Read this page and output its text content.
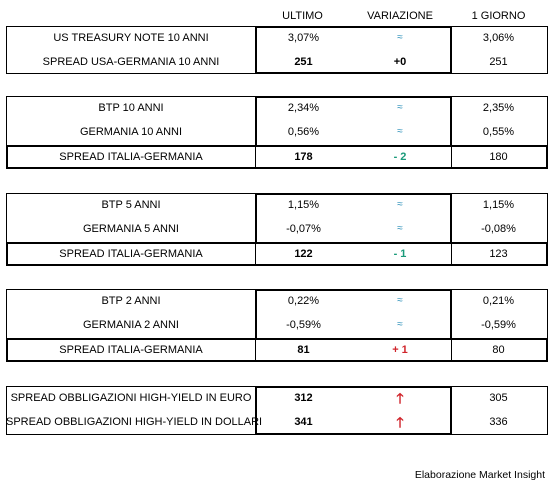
ULTIMO	VARIAZIONE	1 GIORNO
US TREASURY NOTE 10 ANNI	3,07%	≈	3,06%
SPREAD USA-GERMANIA 10 ANNI	251	+0	251
BTP 10 ANNI	2,34%	≈	2,35%
GERMANIA 10 ANNI	0,56%	≈	0,55%
SPREAD ITALIA-GERMANIA	178	- 2	180
BTP 5 ANNI	1,15%	≈	1,15%
GERMANIA 5 ANNI	-0,07%	≈	-0,08%
SPREAD ITALIA-GERMANIA	122	- 1	123
BTP 2 ANNI	0,22%	≈	0,21%
GERMANIA 2 ANNI	-0,59%	≈	-0,59%
SPREAD ITALIA-GERMANIA	81	+ 1	80
SPREAD OBBLIGAZIONI HIGH-YIELD IN EURO	312	🡑	305
SPREAD OBBLIGAZIONI HIGH-YIELD IN DOLLARI	341	🡑	336
Elaborazione Market Insight
